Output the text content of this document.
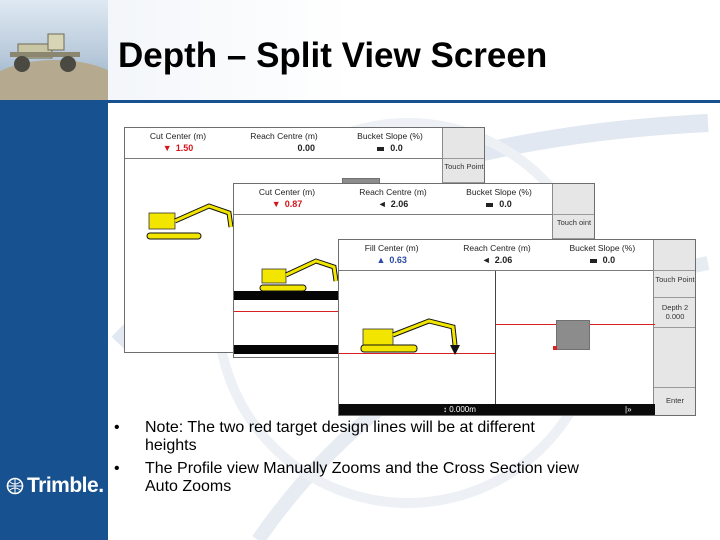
Depth – Split View Screen
Cut Center (m)
▼ 1.50
Reach Centre (m)
0.00
Bucket Slope (%)
0.0
Touch Point
Cut Center (m)
▼ 0.87
Reach Centre (m)
◄ 2.06
Bucket Slope (%)
0.0
Touch oint
Fill Center (m)
▲ 0.63
Reach Centre (m)
◄ 2.06
Bucket Slope (%)
0.0
Touch Point
Depth 2 0.000
Enter
↕ 0.000m	|»
•	Note: The two red target design lines will be at different heights
•	The Profile view Manually Zooms and the Cross Section view Auto Zooms
Trimble.
